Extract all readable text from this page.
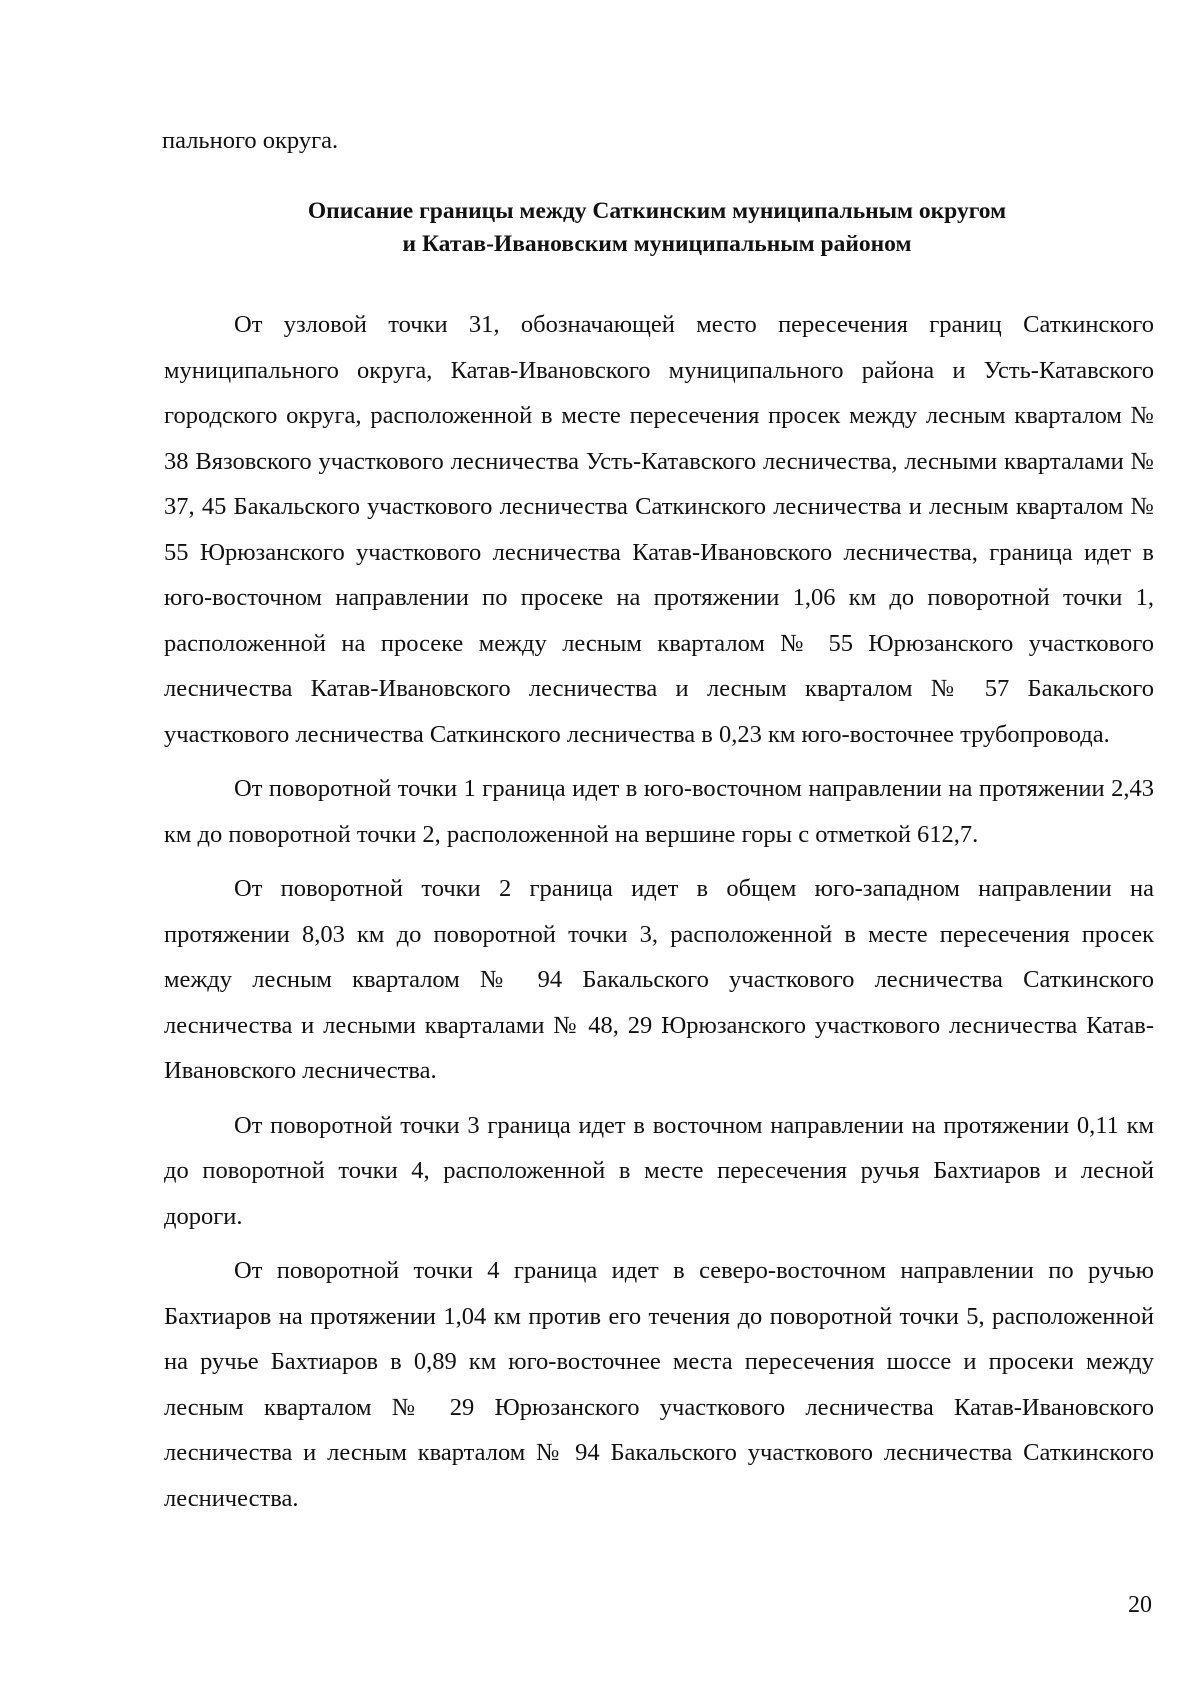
пального округа.

Описание границы между Саткинским муниципальным округом
и Катав-Ивановским муниципальным районом

От узловой точки 31, обозначающей место пересечения границ Саткинского муниципального округа, Катав-Ивановского муниципального района и Усть-Катавского городского округа, расположенной в месте пересечения просек между лесным кварталом № 38 Вязовского участкового лесничества Усть-Катавского лесничества, лесными кварталами № 37, 45 Бакальского участкового лесничества Саткинского лесничества и лесным кварталом № 55 Юрюзанского участкового лесничества Катав-Ивановского лесничества, граница идет в юго-восточном направлении по просеке на протяжении 1,06 км до поворотной точки 1, расположенной на просеке между лесным кварталом № 55 Юрюзанского участкового лесничества Катав-Ивановского лесничества и лесным кварталом № 57 Бакальского участкового лесничества Саткинского лесничества в 0,23 км юго-восточнее трубопровода.

От поворотной точки 1 граница идет в юго-восточном направлении на протяжении 2,43 км до поворотной точки 2, расположенной на вершине горы с отметкой 612,7.

От поворотной точки 2 граница идет в общем юго-западном направлении на протяжении 8,03 км до поворотной точки 3, расположенной в месте пересечения просек между лесным кварталом № 94 Бакальского участкового лесничества Саткинского лесничества и лесными кварталами № 48, 29 Юрюзанского участкового лесничества Катав-Ивановского лесничества.

От поворотной точки 3 граница идет в восточном направлении на протяжении 0,11 км до поворотной точки 4, расположенной в месте пересечения ручья Бахтиаров и лесной дороги.

От поворотной точки 4 граница идет в северо-восточном направлении по ручью Бахтиаров на протяжении 1,04 км против его течения до поворотной точки 5, расположенной на ручье Бахтиаров в 0,89 км юго-восточнее места пересечения шоссе и просеки между лесным кварталом № 29 Юрюзанского участкового лесничества Катав-Ивановского лесничества и лесным кварталом № 94 Бакальского участкового лесничества Саткинского лесничества.

20
